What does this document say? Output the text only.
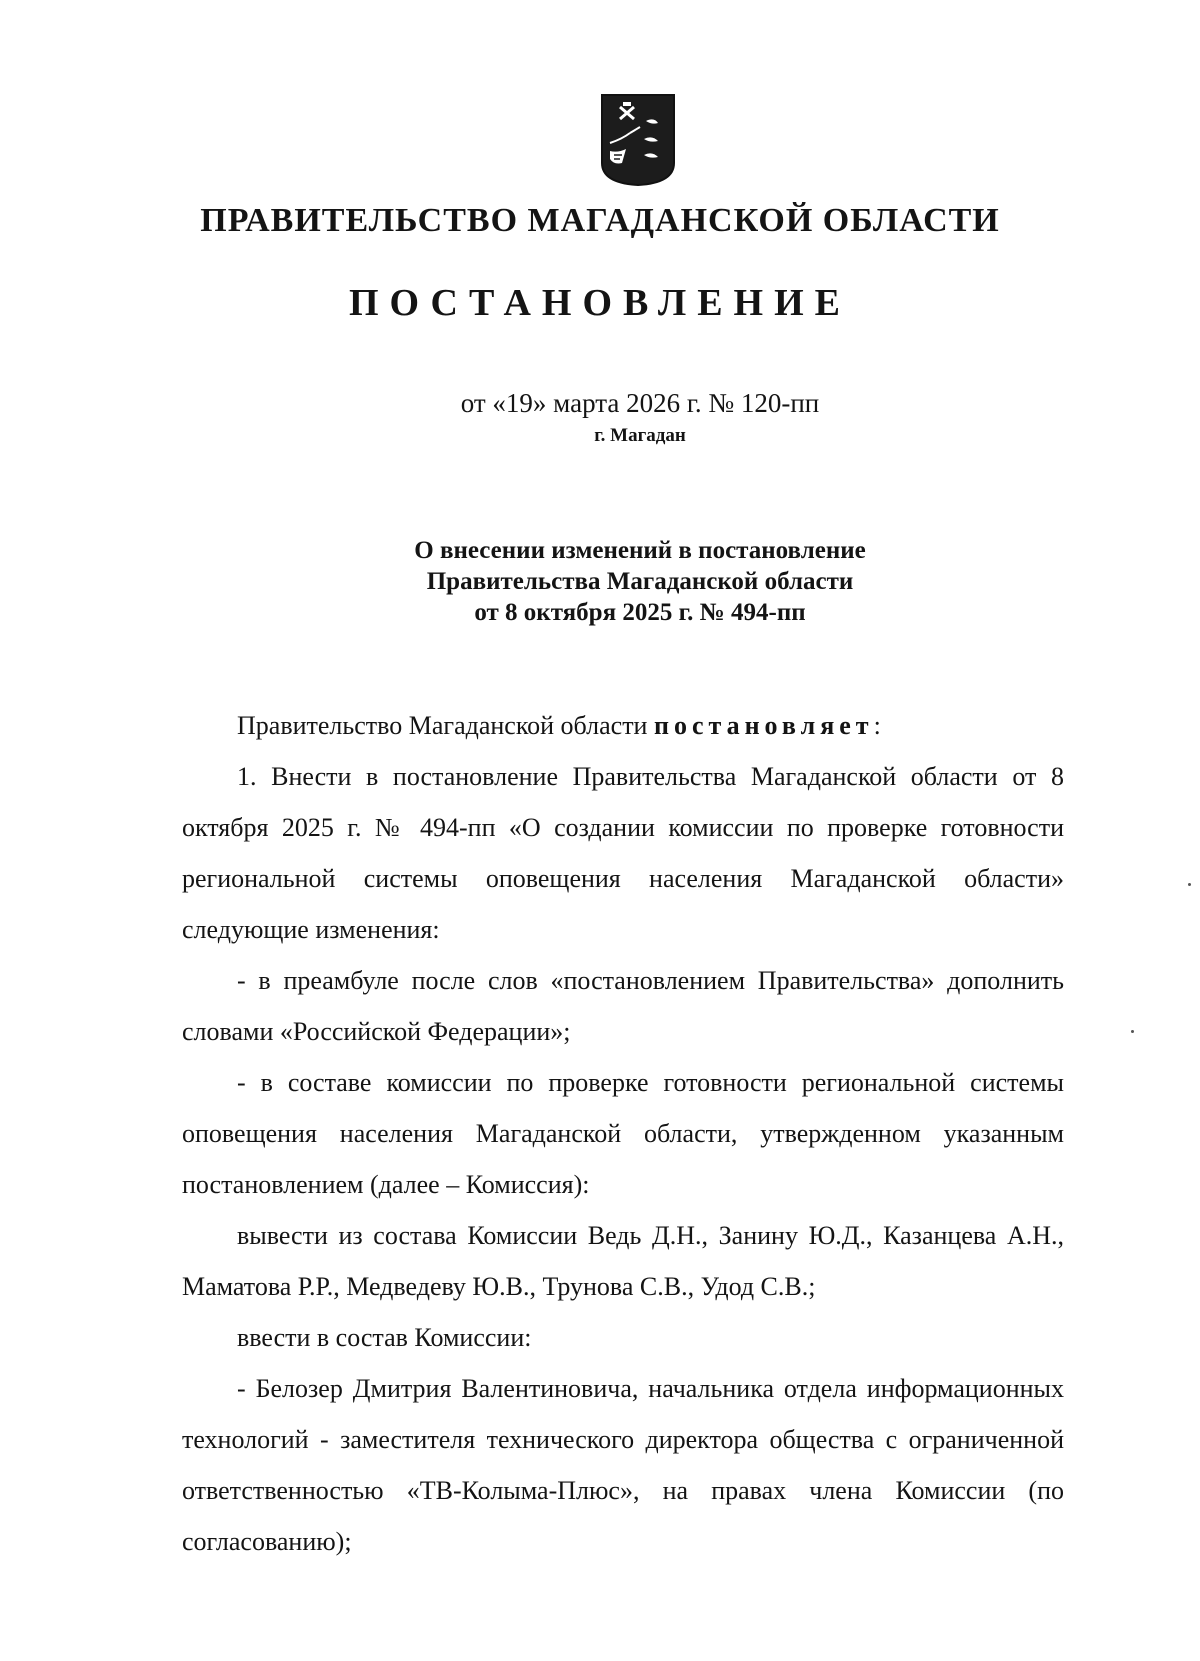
ПРАВИТЕЛЬСТВО МАГАДАНСКОЙ ОБЛАСТИ
ПОСТАНОВЛЕНИЕ
от «19» марта 2026 г. № 120-пп
г. Магадан
О внесении изменений в постановление
Правительства Магаданской области
от 8 октября 2025 г. № 494-пп

Правительство Магаданской области постановляет:

1. Внести в постановление Правительства Магаданской области от 8 октября 2025 г. № 494-пп «О создании комиссии по проверке готовности региональной системы оповещения населения Магаданской области» следующие изменения:

- в преамбуле после слов «постановлением Правительства» дополнить словами «Российской Федерации»;

- в составе комиссии по проверке готовности региональной системы оповещения населения Магаданской области, утвержденном указанным постановлением (далее – Комиссия):

вывести из состава Комиссии Ведь Д.Н., Занину Ю.Д., Казанцева А.Н., Маматова Р.Р., Медведеву Ю.В., Трунова С.В., Удод С.В.;

ввести в состав Комиссии:

- Белозер Дмитрия Валентиновича, начальника отдела информационных технологий - заместителя технического директора общества с ограниченной ответственностью «ТВ-Колыма-Плюс», на правах члена Комиссии (по согласованию);
